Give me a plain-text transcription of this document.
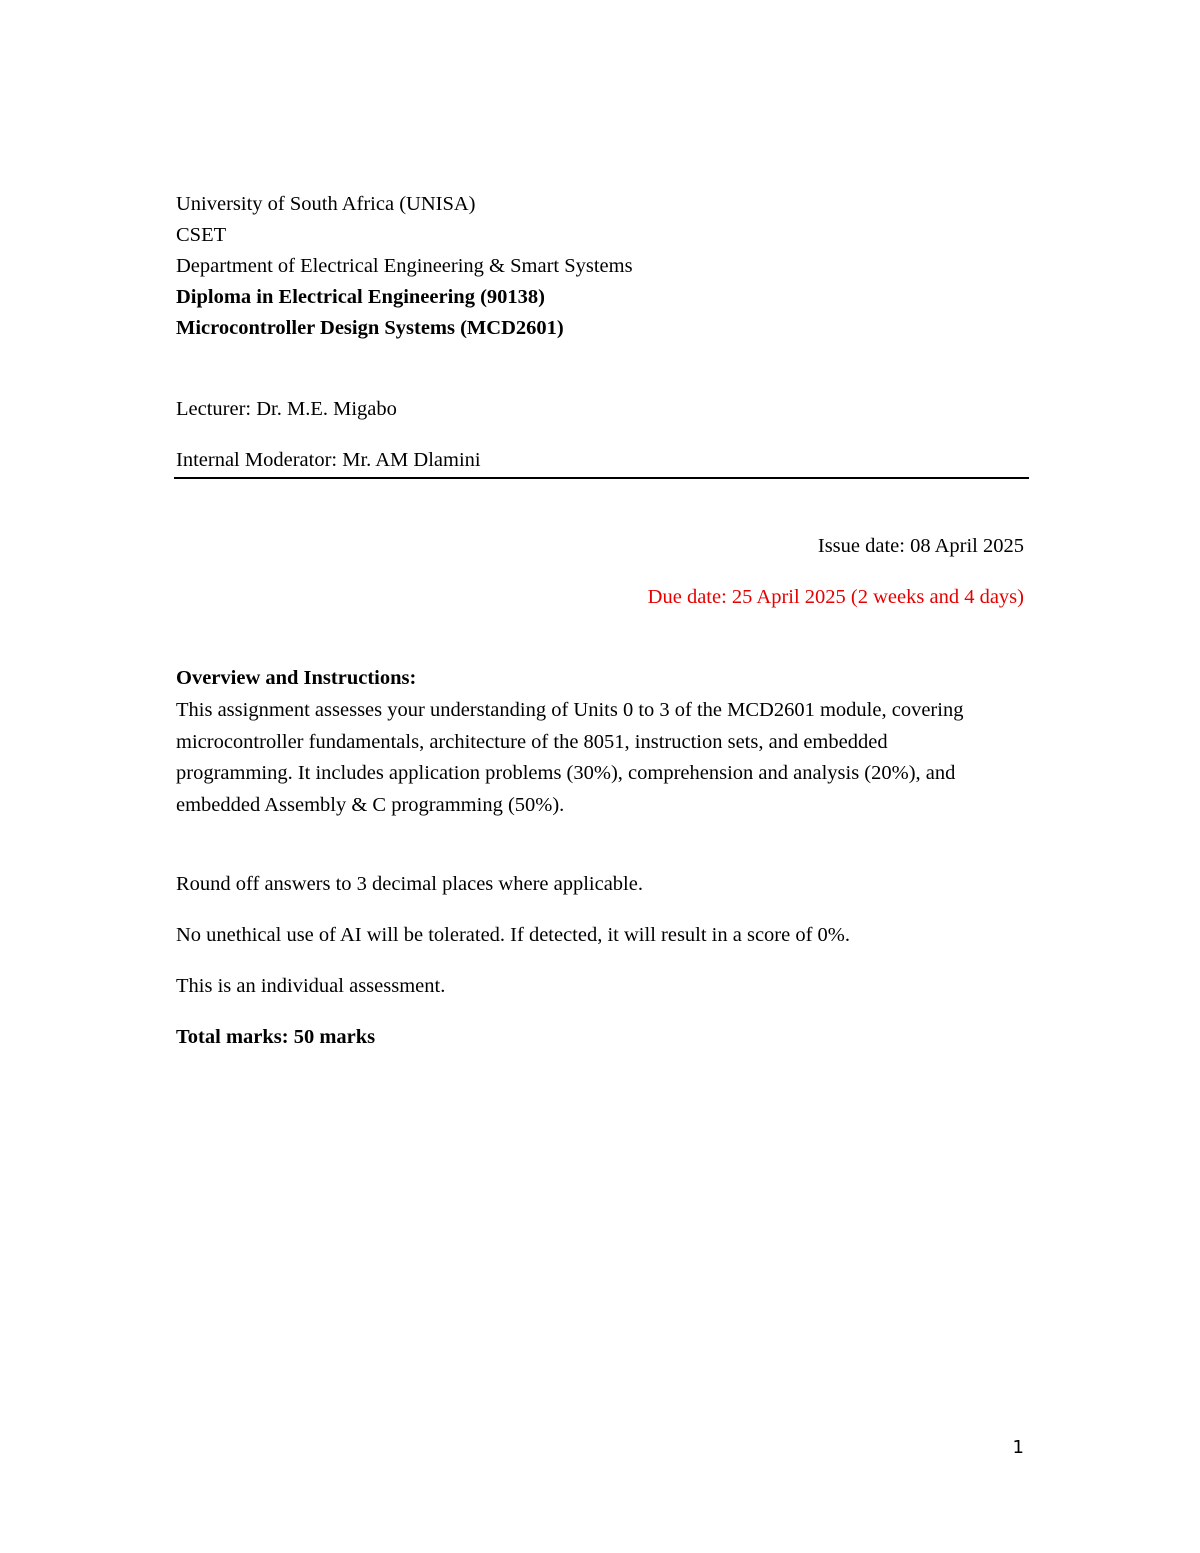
University of South Africa (UNISA)
CSET
Department of Electrical Engineering & Smart Systems
Diploma in Electrical Engineering (90138)
Microcontroller Design Systems (MCD2601)
Lecturer: Dr. M.E. Migabo
Internal Moderator: Mr. AM Dlamini
Issue date: 08 April 2025
Due date: 25 April 2025 (2 weeks and 4 days)
Overview and Instructions:
This assignment assesses your understanding of Units 0 to 3 of the MCD2601 module, covering microcontroller fundamentals, architecture of the 8051, instruction sets, and embedded programming. It includes application problems (30%), comprehension and analysis (20%), and embedded Assembly & C programming (50%).
Round off answers to 3 decimal places where applicable.
No unethical use of AI will be tolerated. If detected, it will result in a score of 0%.
This is an individual assessment.
Total marks: 50 marks
1
